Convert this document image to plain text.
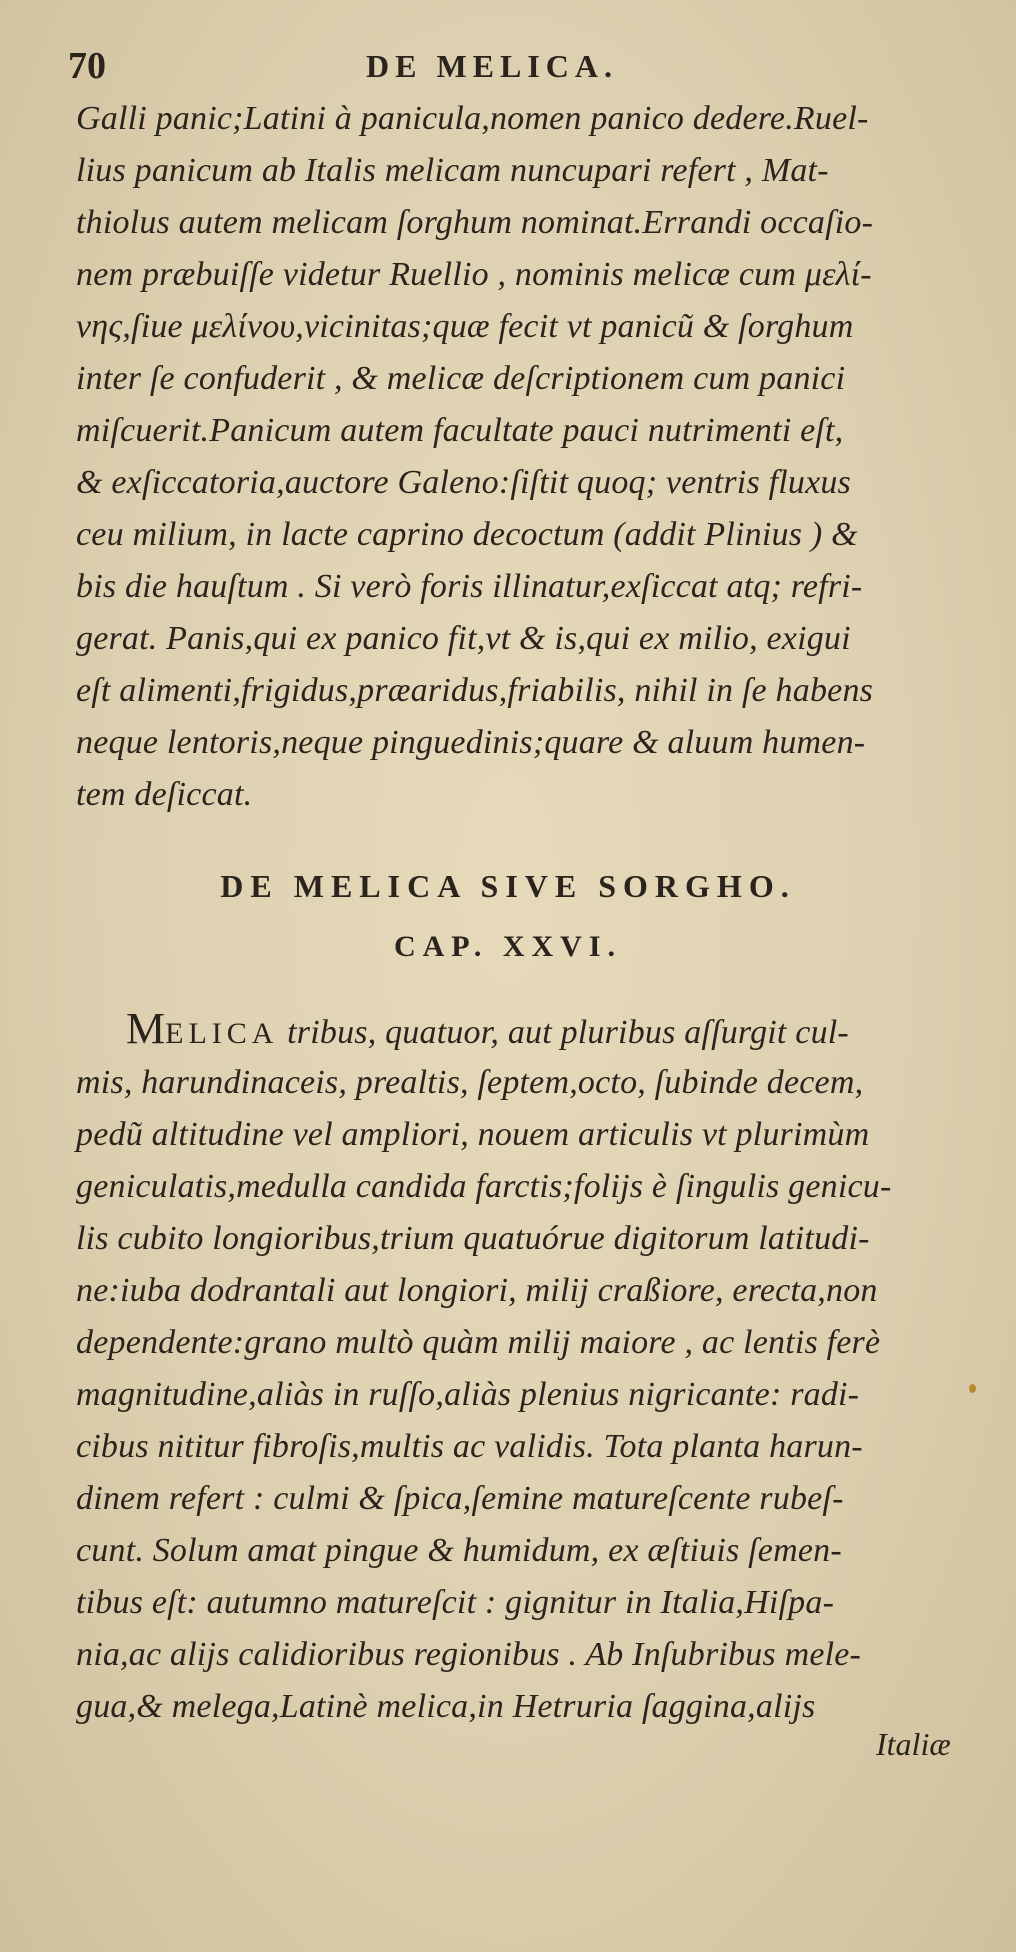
70	DE MELICA.
Galli panic;Latini à panicula,nomen panico dedere.Ruel-
lius panicum ab Italis melicam nuncupari refert , Mat-
thiolus autem melicam ſorghum nominat.Errandi occaſio-
nem præbuiſſe videtur Ruellio , nominis melicæ cum μελί-
νης,ſiue μελίνου,vicinitas;quæ fecit vt panicũ & ſorghum
inter ſe confuderit , & melicæ deſcriptionem cum panici
miſcuerit.Panicum autem facultate pauci nutrimenti eſt,
& exſiccatoria,auctore Galeno:ſiſtit quoq; ventris fluxus
ceu milium, in lacte caprino decoctum (addit Plinius ) &
bis die hauſtum . Si verò foris illinatur,exſiccat atq; refri-
gerat. Panis,qui ex panico fit,vt & is,qui ex milio, exigui
eſt alimenti,frigidus,præaridus,friabilis, nihil in ſe habens
neque lentoris,neque pinguedinis;quare & aluum humen-
tem deſiccat.
DE MELICA SIVE SORGHO.
CAP. XXVI.
MELICA tribus, quatuor, aut pluribus aſſurgit cul-
mis, harundinaceis, prealtis, ſeptem,octo, ſubinde decem,
pedũ altitudine vel ampliori, nouem articulis vt plurimùm
geniculatis,medulla candida farctis;folijs è ſingulis genicu-
lis cubito longioribus,trium quatuórue digitorum latitudi-
ne:iuba dodrantali aut longiori, milij craßiore, erecta,non
dependente:grano multò quàm milij maiore , ac lentis ferè
magnitudine,aliàs in ruſſo,aliàs plenius nigricante: radi-
cibus nititur fibroſis,multis ac validis. Tota planta harun-
dinem refert : culmi & ſpica,ſemine matureſcente rubeſ-
cunt. Solum amat pingue & humidum, ex æſtiuis ſemen-
tibus eſt: autumno matureſcit : gignitur in Italia,Hiſpa-
nia,ac alijs calidioribus regionibus . Ab Inſubribus mele-
gua,& melega,Latinè melica,in Hetruria ſaggina,alijs
Italiæ
